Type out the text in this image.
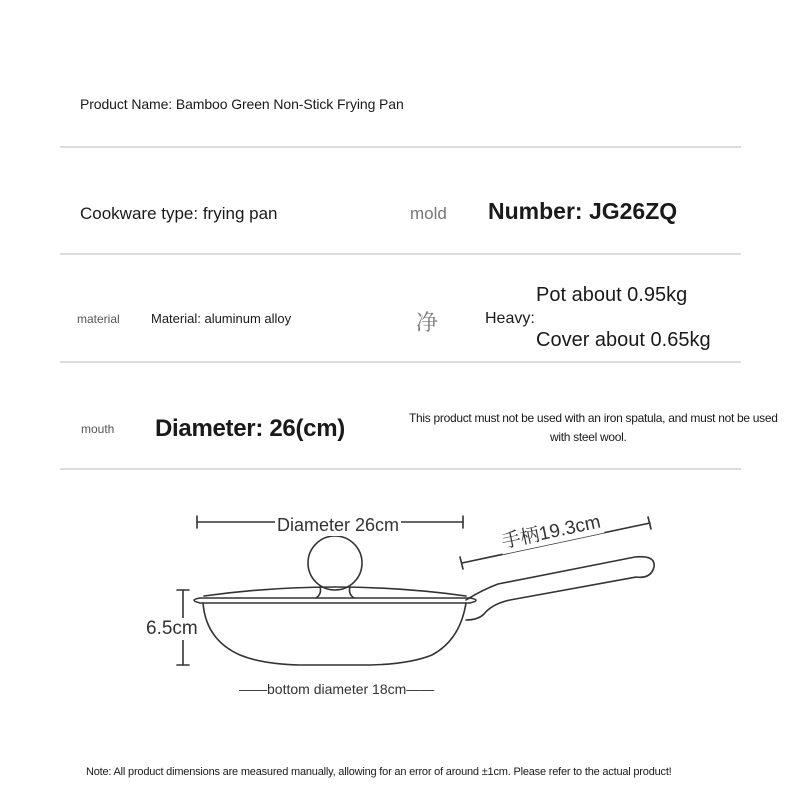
Product Name: Bamboo Green Non-Stick Frying Pan
Cookware type: frying pan	mold Number: JG26ZQ
material Material: aluminum alloy	净	Heavy:
Pot about 0.95kg
Cover about 0.65kg
mouth Diameter: 26(cm)	This product must not be used with an iron spatula, and must not be used
with steel wool.
Diameter 26cm	手柄19.3cm
6.5cm
——bottom diameter 18cm——
Note: All product dimensions are measured manually, allowing for an error of around ±1cm. Please refer to the actual product!
